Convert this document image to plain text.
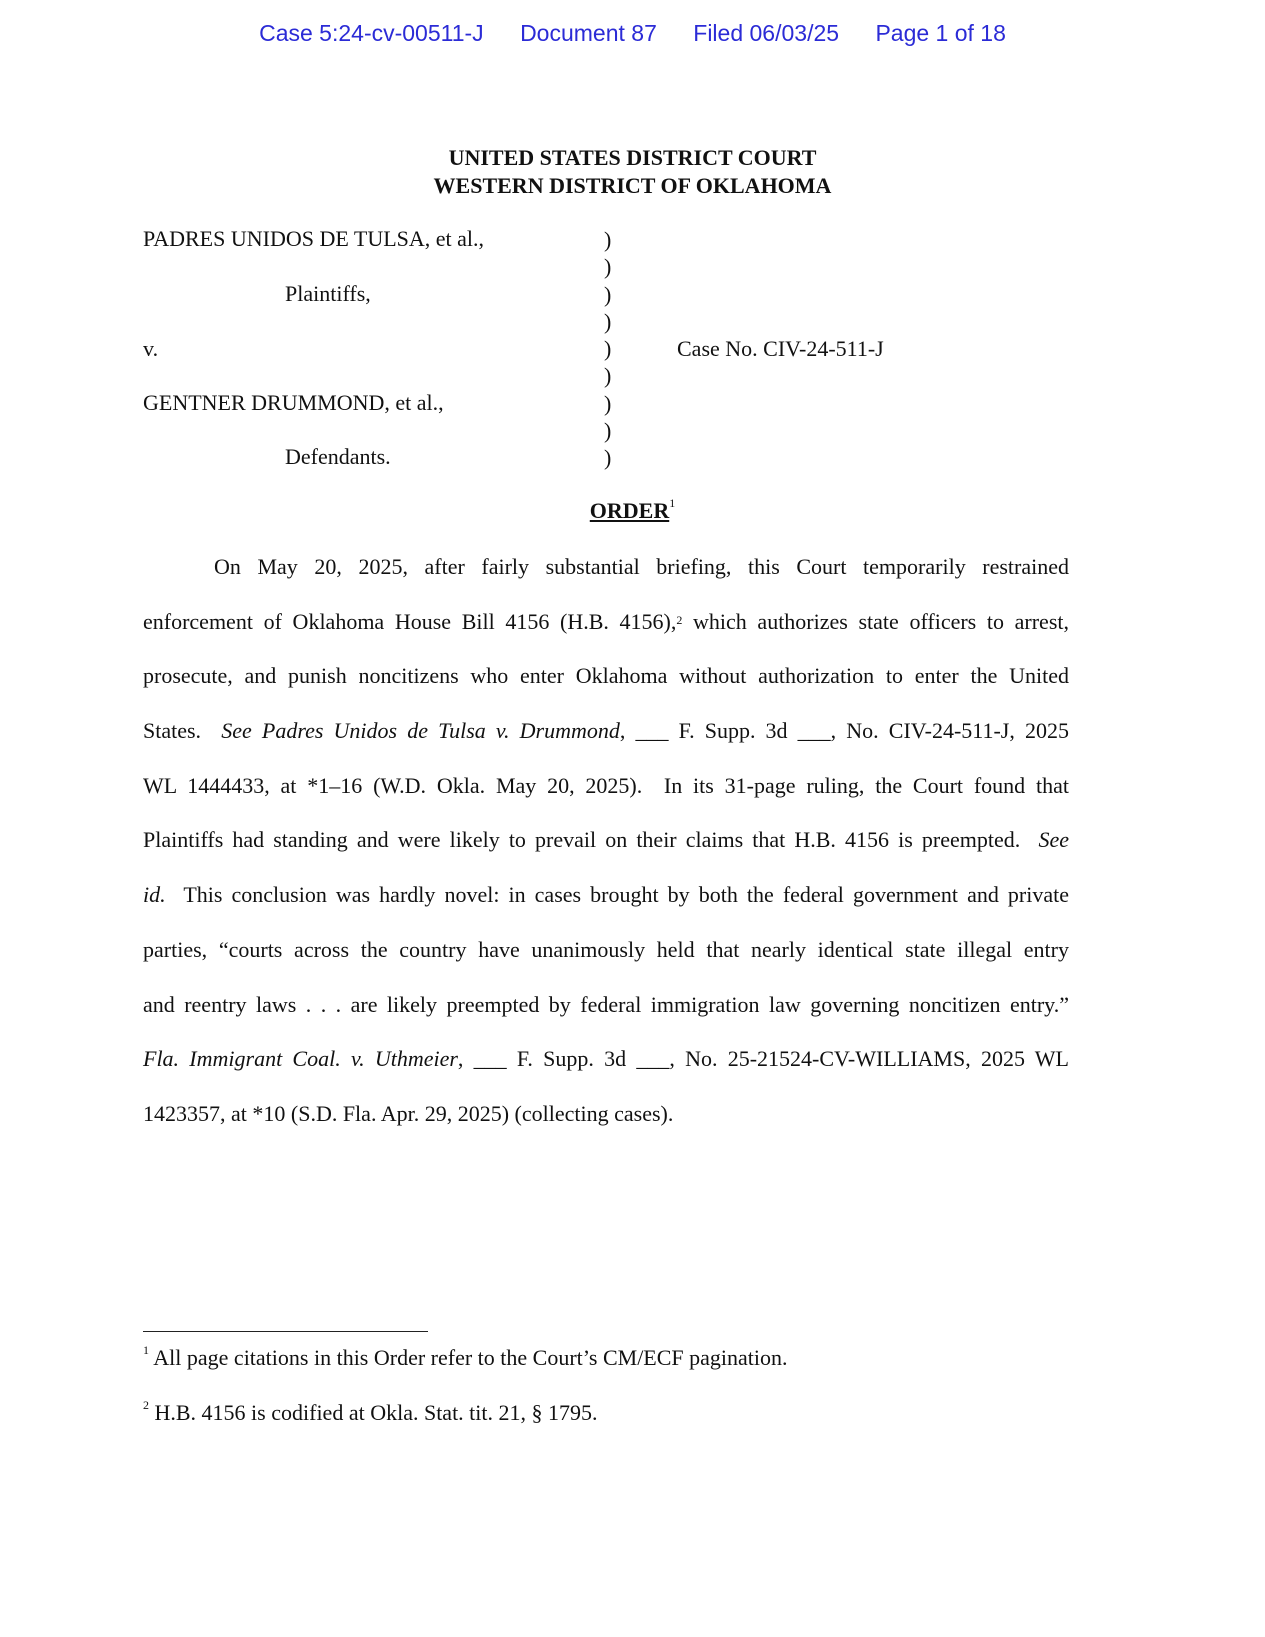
Case 5:24-cv-00511-J Document 87 Filed 06/03/25 Page 1 of 18
UNITED STATES DISTRICT COURT
WESTERN DISTRICT OF OKLAHOMA
PADRES UNIDOS DE TULSA, et al.,
Plaintiffs,
v.
GENTNER DRUMMOND, et al.,
Defendants.
Case No. CIV-24-511-J
)
)
)
)
)
)
)
)
)
ORDER$^1$
On May 20, 2025, after fairly substantial briefing, this Court temporarily restrained
enforcement of Oklahoma House Bill 4156 (H.B. 4156),$^2$ which authorizes state officers to arrest,
prosecute, and punish noncitizens who enter Oklahoma without authorization to enter the United
States.  See Padres Unidos de Tulsa v. Drummond, ___ F. Supp. 3d ___, No. CIV-24-511-J, 2025
WL 1444433, at *1–16 (W.D. Okla. May 20, 2025).  In its 31-page ruling, the Court found that
Plaintiffs had standing and were likely to prevail on their claims that H.B. 4156 is preempted.  See
id.  This conclusion was hardly novel: in cases brought by both the federal government and private
parties, “courts across the country have unanimously held that nearly identical state illegal entry
and reentry laws . . . are likely preempted by federal immigration law governing noncitizen entry.”
Fla. Immigrant Coal. v. Uthmeier, ___ F. Supp. 3d ___, No. 25-21524-CV-WILLIAMS, 2025 WL
1423357, at *10 (S.D. Fla. Apr. 29, 2025) (collecting cases).
$^1$ All page citations in this Order refer to the Court’s CM/ECF pagination.
$^2$ H.B. 4156 is codified at Okla. Stat. tit. 21, § 1795.
